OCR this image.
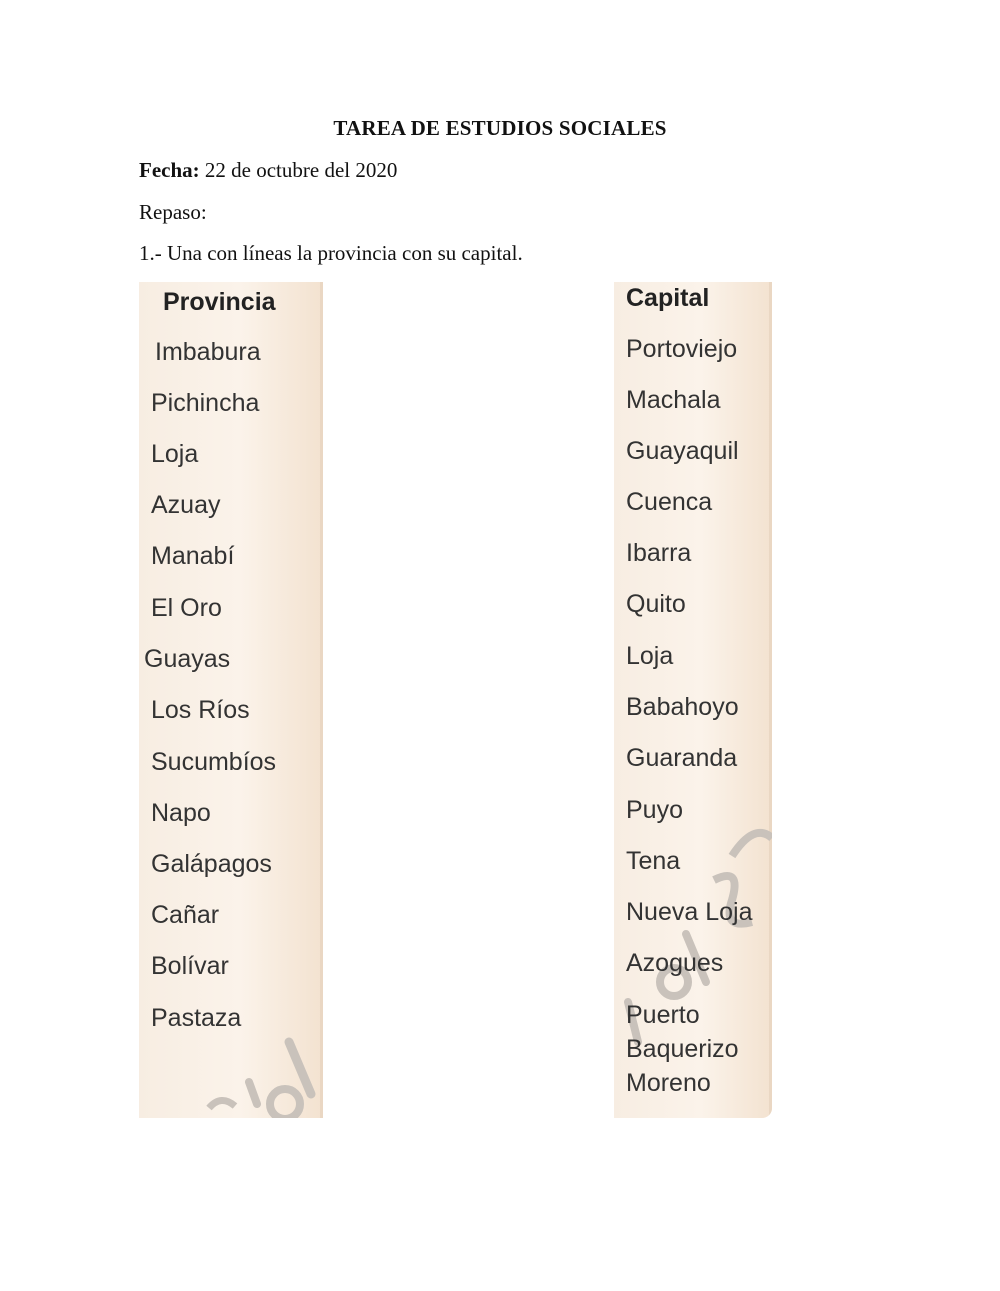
TAREA DE ESTUDIOS SOCIALES
Fecha: 22 de octubre del 2020
Repaso:
1.- Una con líneas la provincia con su capital.
Provincia
Imbabura
Pichincha
Loja
Azuay
Manabí
El Oro
Guayas
Los Ríos
Sucumbíos
Napo
Galápagos
Cañar
Bolívar
Pastaza
Capital
Portoviejo
Machala
Guayaquil
Cuenca
Ibarra
Quito
Loja
Babahoyo
Guaranda
Puyo
Tena
Nueva Loja
Azogues
Puerto
Baquerizo
Moreno
